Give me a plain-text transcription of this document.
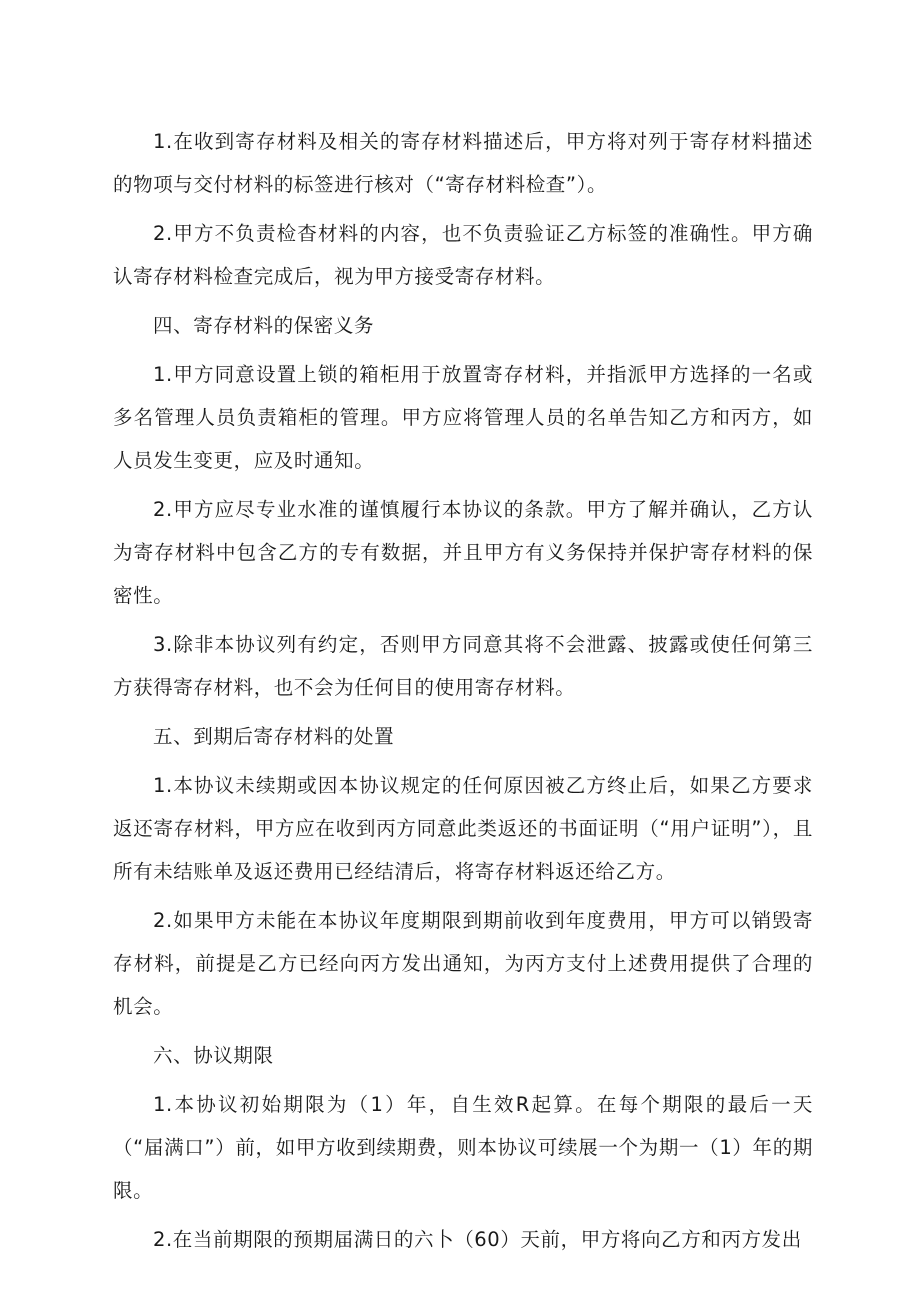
1.在收到寄存材料及相关的寄存材料描述后，甲方将对列于寄存材料描述的物项与交付材料的标签进行核对（“寄存材料检查”）。

2.甲方不负责检杳材料的内容，也不负责验证乙方标签的准确性。甲方确认寄存材料检查完成后，视为甲方接受寄存材料。

四、寄存材料的保密义务

1.甲方同意设置上锁的箱柜用于放置寄存材料，并指派甲方选择的一名或多名管理人员负责箱柜的管理。甲方应将管理人员的名单告知乙方和丙方，如人员发生变更，应及时通知。

2.甲方应尽专业水准的谨慎履行本协议的条款。甲方了解并确认，乙方认为寄存材料中包含乙方的专有数据，并且甲方有义务保持并保护寄存材料的保密性。

3.除非本协议列有约定，否则甲方同意其将不会泄露、披露或使任何第三方获得寄存材料，也不会为任何目的使用寄存材料。

五、到期后寄存材料的处置

1.本协议未续期或因本协议规定的任何原因被乙方终止后，如果乙方要求返还寄存材料，甲方应在收到丙方同意此类返还的书面证明（“用户证明”），且所有未结账单及返还费用已经结清后，将寄存材料返还给乙方。

2.如果甲方未能在本协议年度期限到期前收到年度费用，甲方可以销毁寄存材料，前提是乙方已经向丙方发出通知，为丙方支付上述费用提供了合理的机会。

六、协议期限

1.本协议初始期限为（1）年，自生效R起算。在每个期限的最后一天（“届满口”）前，如甲方收到续期费，则本协议可续展一个为期一（1）年的期限。

2.在当前期限的预期届满日的六卜（60）天前，甲方将向乙方和丙方发出
